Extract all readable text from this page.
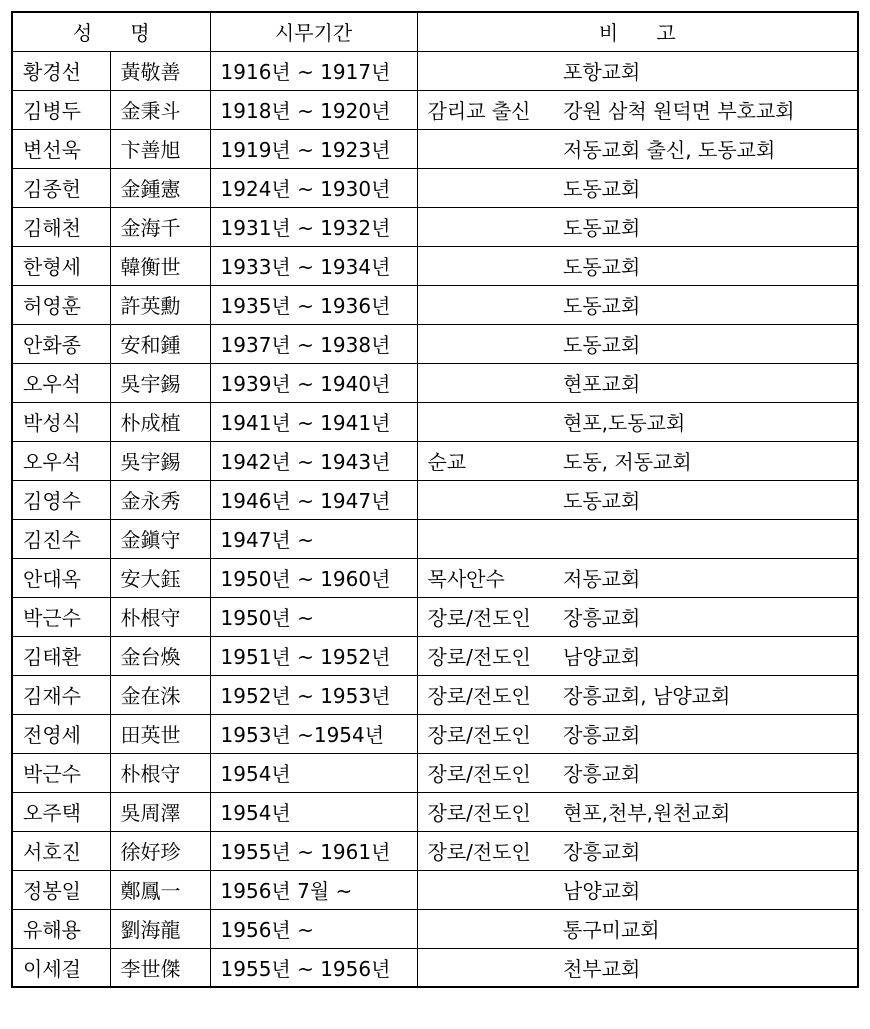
성      명		시무기간	비      고	
황경선	黃敬善	1916년 ~ 1917년		포항교회
김병두	金秉斗	1918년 ~ 1920년	감리교 출신	강원 삼척 원덕면 부호교회
변선욱	卞善旭	1919년 ~ 1923년		저동교회 출신, 도동교회
김종헌	金鍾憲	1924년 ~ 1930년		도동교회
김해천	金海千	1931년 ~ 1932년		도동교회
한형세	韓衡世	1933년 ~ 1934년		도동교회
허영훈	許英勳	1935년 ~ 1936년		도동교회
안화종	安和鍾	1937년 ~ 1938년		도동교회
오우석	吳宇錫	1939년 ~ 1940년		현포교회
박성식	朴成植	1941년 ~ 1941년		현포,도동교회
오우석	吳宇錫	1942년 ~ 1943년	순교	도동, 저동교회
김영수	金永秀	1946년 ~ 1947년		도동교회
김진수	金鎭守	1947년 ~		
안대옥	安大鈺	1950년 ~ 1960년	목사안수	저동교회
박근수	朴根守	1950년 ~	장로/전도인	장흥교회
김태환	金台煥	1951년 ~ 1952년	장로/전도인	남양교회
김재수	金在洙	1952년 ~ 1953년	장로/전도인	장흥교회, 남양교회
전영세	田英世	1953년 ~1954년	장로/전도인	장흥교회
박근수	朴根守	1954년	장로/전도인	장흥교회
오주택	吳周澤	1954년	장로/전도인	현포,천부,원천교회
서호진	徐好珍	1955년 ~ 1961년	장로/전도인	장흥교회
정봉일	鄭鳳一	1956년 7월 ~		남양교회
유해용	劉海龍	1956년 ~		통구미교회
이세걸	李世傑	1955년 ~ 1956년		천부교회
